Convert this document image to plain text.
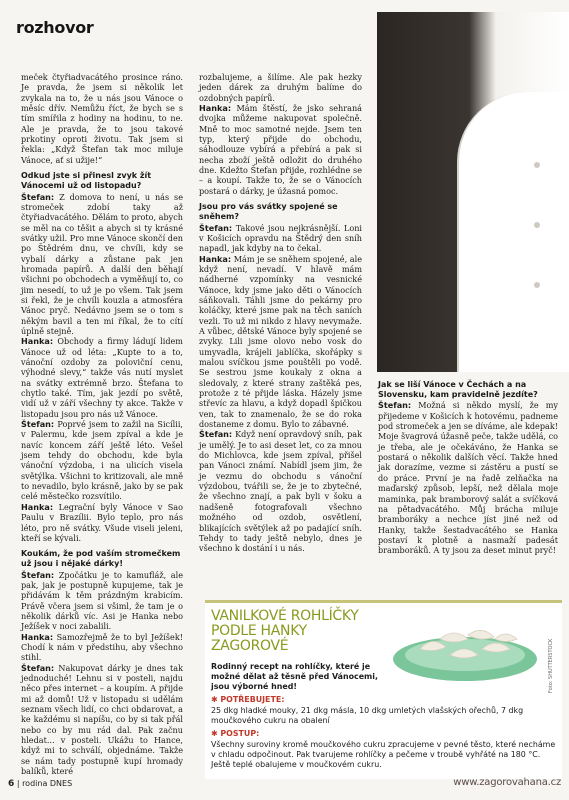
rozhovor

meček čtyřiadvacátého prosince ráno. Je pravda, že jsem si několik let zvykala na to, že u nás jsou Vánoce o měsíc dřív. Nemůžu říct, že bych se s tím smířila z hodiny na hodinu, to ne. Ale je pravda, že to jsou takové prkotiny oproti životu. Tak jsem si řekla: „Když Štefan tak moc miluje Vánoce, ať si užije!“

Odkud jste si přinesl zvyk žít Vánocemi už od listopadu?

Štefan: Z domova to není, u nás se stromeček zdobí taky až čtyřiadvacátého. Dělám to proto, abych se měl na co těšit a abych si ty krásné svátky užil. Pro mne Vánoce skončí den po Štědrém dnu, ve chvíli, kdy se vybalí dárky a zůstane pak jen hromada papírů. A další den běhají všichni po obchodech a vyměňují to, co jim nesedí, to už je po všem. Tak jsem si řekl, že je chvíli kouzla a atmosféra Vánoc pryč. Nedávno jsem se o tom s někým bavil a ten mi říkal, že to cítí úplně stejně.

Hanka: Obchody a firmy ládují lidem Vánoce už od léta: „Kupte to a to, vánoční ozdoby za poloviční cenu, výhodné slevy,“ takže vás nutí myslet na svátky extrémně brzo. Štefana to chytlo také. Tím, jak jezdí po světě, vidí už v září všechny ty akce. Takže v listopadu jsou pro nás už Vánoce.

Štefan: Poprvé jsem to zažil na Sicílii, v Palermu, kde jsem zpíval a kde je navíc koncem září ještě léto. Vešel jsem tehdy do obchodu, kde byla vánoční výzdoba, i na ulicích visela světýlka. Všichni to kritizovali, ale mně to nevadilo, bylo krásně, jako by se pak celé městečko rozsvítilo.

Hanka: Legrační byly Vánoce v Sao Paulu v Brazílii. Bylo teplo, pro nás léto, pro ně svátky. Všude viseli jeleni, kteří se kývali.

Koukám, že pod vaším stromečkem už jsou i nějaké dárky!

Štefan: Zpočátku je to kamufláž, ale pak, jak je postupně kupujeme, tak je přidávám k těm prázdným krabicím. Právě včera jsem si všiml, že tam je o několik dárků víc. Asi je Hanka nebo Ježíšek v noci zabalili.

Hanka: Samozřejmě že to byl Ježíšek! Chodí k nám v předstihu, aby všechno stihl.

Štefan: Nakupovat dárky je dnes tak jednoduché! Lehnu si v posteli, najdu něco přes internet – a koupím. A přijde mi až domů! Už v listopadu si udělám seznam všech lidí, co chci obdarovat, a ke každému si napíšu, co by si tak přál nebo co by mu rád dal. Pak začnu hledat... v posteli. Ukážu to Hance, když mi to schválí, objednáme. Takže se nám tady postupně kupí hromady balíků, které

rozbalujeme, a šilíme. Ale pak hezky jeden dárek za druhým balíme do ozdobných papírů.

Hanka: Mám štěstí, že jsko sehraná dvojka můžeme nakupovat společně. Mně to moc samotné nejde. Jsem ten typ, který přijde do obchodu, sáhodlouze vybírá a přebírá a pak si necha zboží ještě odložit do druhého dne. Kdežto Štefan přijde, rozhlédne se – a koupí. Takže to, že se o Vánocích postará o dárky, je úžasná pomoc.

Jsou pro vás svátky spojené se sněhem?

Štefan: Takové jsou nejkrásnější. Loni v Košicích opravdu na Štědrý den sníh napadl, jak kdyby na to čekal.

Hanka: Mám je se sněhem spojené, ale když není, nevadí. V hlavě mám nádherné vzpomínky na vesnické Vánoce, kdy jsme jako děti o Vánocích sáňkovali. Táhli jsme do pekárny pro koláčky, které jsme pak na těch saních vezli. To už mi nikdo z hlavy nevymaže. A vůbec, dětské Vánoce byly spojené se zvyky. Lili jsme olovo nebo vosk do umyvadla, krájeli jablíčka, skořápky s malou svíčkou jsme pouštěli po vodě. Se sestrou jsme koukaly z okna a sledovaly, z které strany zaštěká pes, protože z té přijde láska. Házely jsme střevíc za hlavu, a když dopadl špičkou ven, tak to znamenalo, že se do roka dostaneme z domu. Bylo to zábavné.

Štefan: Když není opravdový sníh, pak je umělý. Je to asi deset let, co za mnou do Michlovca, kde jsem zpíval, přišel pan Vánoci známí. Nabídl jsem jim, že je vezmu do obchodu s vánoční výzdobou, tvářili se, že je to zbytečné, že všechno znají, a pak byli v šoku a nadšeně fotografovali všechno možného od ozdob, osvětlení, blikajících světýlek až po padající sníh. Tehdy to tady ještě nebylo, dnes je všechno k dostání i u nás.

Jak se liší Vánoce v Čechách a na Slovensku, kam pravidelně jezdíte?

Štefan: Možná si někdo myslí, že my přijedeme v Košicích k hotovému, padneme pod stromeček a jen se díváme, ale kdepak! Moje švagrová úžasně peče, takže udělá, co je třeba, ale je očekáváno, že Hanka se postará o několik dalších věcí. Takže hned jak dorazíme, vezme si zástěru a pustí se do práce. První je na řadě zelňačka na maďarský způsob, lepší, než dělala moje maminka, pak bramborový salát a svíčková na pětadvacátého. Můj brácha miluje bramboráky a nechce jíst jiné než od Hanky, takže šestadvacátého se Hanka postaví k plotně a nasmaží padesát bramboráků. A ty jsou za deset minut pryč!

VANILKOVÉ ROHLÍČKY PODLE HANKY ZAGOROVÉ	Foto: SHUTTERSTOCK
Rodinný recept na rohlíčky, které je možné dělat až těsně před Vánocemi, jsou výborné hned!
✱ POTŘEBUJETE:
25 dkg hladké mouky, 21 dkg másla, 10 dkg umletých vlašských ořechů, 7 dkg moučkového cukru na obalení
✱ POSTUP:
Všechny suroviny kromě moučkového cukru zpracujeme v pevné těsto, které necháme v chladu odpočinout. Pak tvarujeme rohlíčky a pečeme v troubě vyhřáté na 180 °C. Ještě teplé obalujeme v moučkovém cukru.
6 | rodina DNES	www.zagorovahana.cz
